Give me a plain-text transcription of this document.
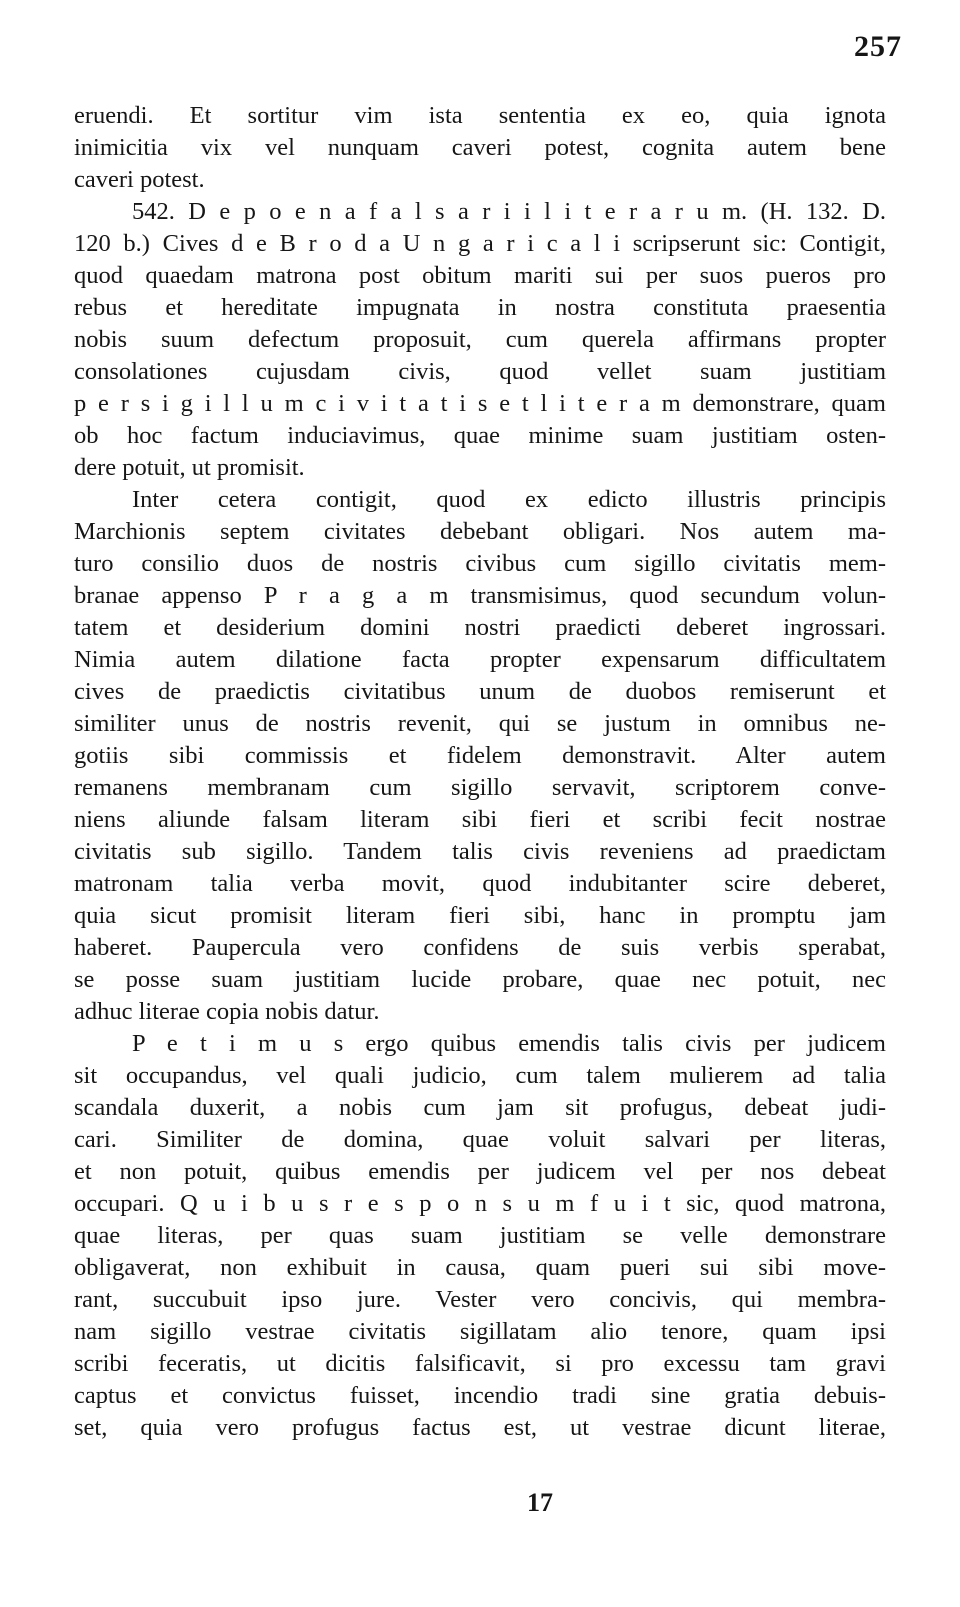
257
eruendi. Et sortitur vim ista sententia ex eo, quia ignota
inimicitia vix vel nunquam caveri potest, cognita autem bene
caveri potest.
542. D e p o e n a f a l s a r i i l i t e r a r u m. (H. 132. D.
120 b.) Cives d e B r o d a U n g a r i c a l i scripserunt sic: Contigit,
quod quaedam matrona post obitum mariti sui per suos pueros pro
rebus et hereditate impugnata in nostra constituta praesentia
nobis suum defectum proposuit, cum querela affirmans propter
consolationes cujusdam civis, quod vellet suam justitiam
p e r s i g i l l u m c i v i t a t i s e t l i t e r a m demonstrare, quam
ob hoc factum induciavimus, quae minime suam justitiam osten-
dere potuit, ut promisit.
Inter cetera contigit, quod ex edicto illustris principis
Marchionis septem civitates debebant obligari. Nos autem ma-
turo consilio duos de nostris civibus cum sigillo civitatis mem-
branae appenso P r a g a m transmisimus, quod secundum volun-
tatem et desiderium domini nostri praedicti deberet ingrossari.
Nimia autem dilatione facta propter expensarum difficultatem
cives de praedictis civitatibus unum de duobos remiserunt et
similiter unus de nostris revenit, qui se justum in omnibus ne-
gotiis sibi commissis et fidelem demonstravit. Alter autem
remanens membranam cum sigillo servavit, scriptorem conve-
niens aliunde falsam literam sibi fieri et scribi fecit nostrae
civitatis sub sigillo. Tandem talis civis reveniens ad praedictam
matronam talia verba movit, quod indubitanter scire deberet,
quia sicut promisit literam fieri sibi, hanc in promptu jam
haberet. Paupercula vero confidens de suis verbis sperabat,
se posse suam justitiam lucide probare, quae nec potuit, nec
adhuc literae copia nobis datur.
P e t i m u s ergo quibus emendis talis civis per judicem
sit occupandus, vel quali judicio, cum talem mulierem ad talia
scandala duxerit, a nobis cum jam sit profugus, debeat judi-
cari. Similiter de domina, quae voluit salvari per literas,
et non potuit, quibus emendis per judicem vel per nos debeat
occupari. Q u i b u s r e s p o n s u m f u i t sic, quod matrona,
quae literas, per quas suam justitiam se velle demonstrare
obligaverat, non exhibuit in causa, quam pueri sui sibi move-
rant, succubuit ipso jure. Vester vero concivis, qui membra-
nam sigillo vestrae civitatis sigillatam alio tenore, quam ipsi
scribi feceratis, ut dicitis falsificavit, si pro excessu tam gravi
captus et convictus fuisset, incendio tradi sine gratia debuis-
set, quia vero profugus factus est, ut vestrae dicunt literae,
17
